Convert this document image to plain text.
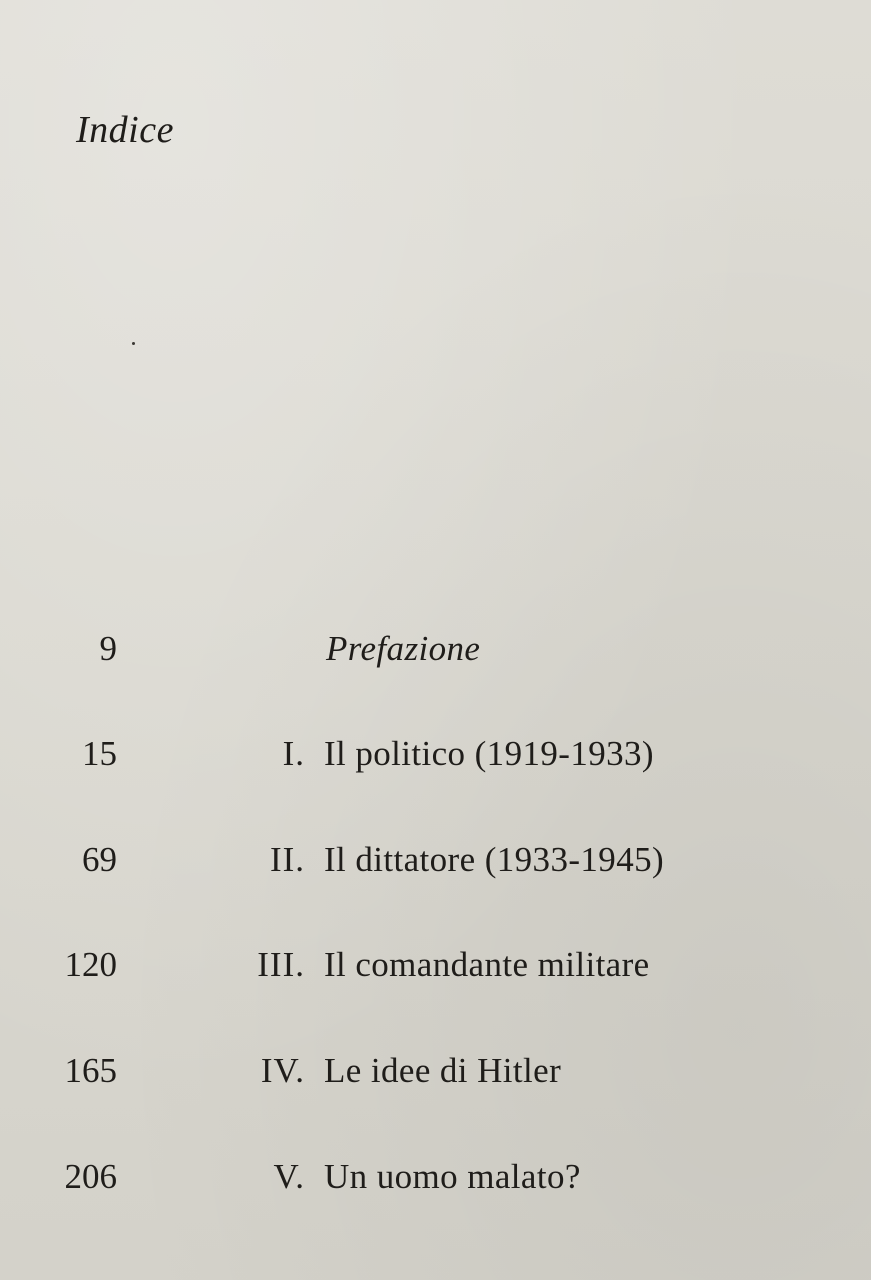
Indice
9	Prefazione
15	I. Il politico (1919-1933)
69	II. Il dittatore (1933-1945)
120	III. Il comandante militare
165	IV. Le idee di Hitler
206	V. Un uomo malato?
